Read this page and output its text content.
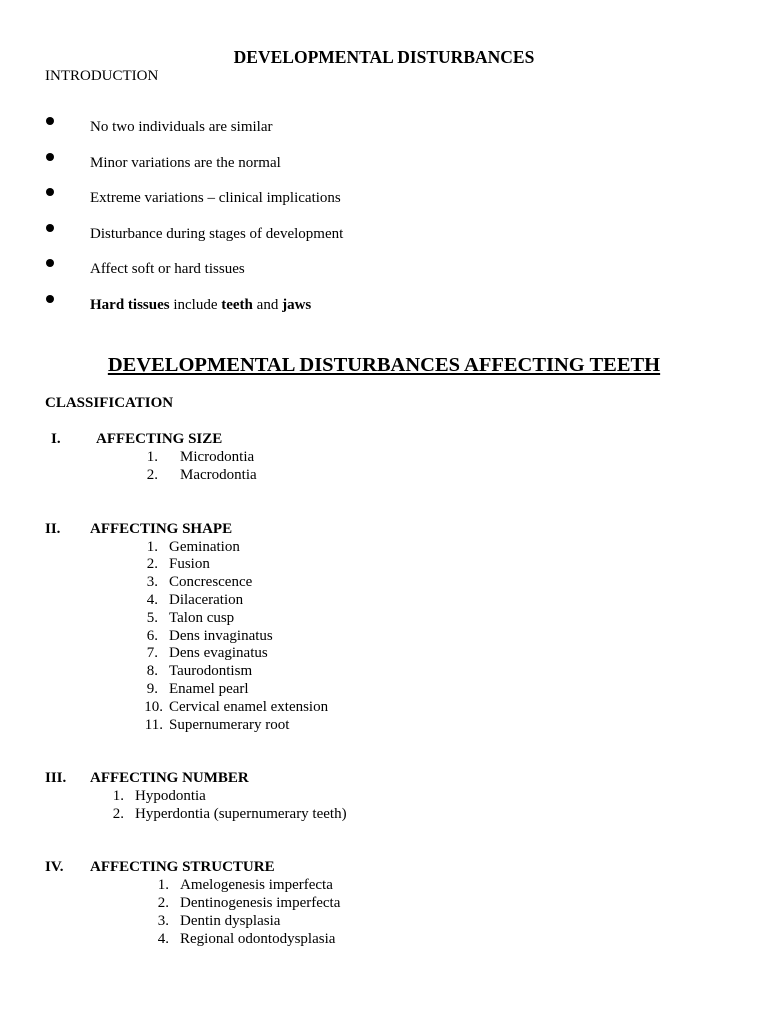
DEVELOPMENTAL DISTURBANCES
INTRODUCTION
No two individuals are similar
Minor variations are the normal
Extreme variations – clinical implications
Disturbance during stages of development
Affect soft or hard tissues
Hard tissues include teeth and jaws
DEVELOPMENTAL DISTURBANCES AFFECTING TEETH
CLASSIFICATION
I. AFFECTING SIZE
1. Microdontia
2. Macrodontia
II. AFFECTING SHAPE
1. Gemination
2. Fusion
3. Concrescence
4. Dilaceration
5. Talon cusp
6. Dens invaginatus
7. Dens evaginatus
8. Taurodontism
9. Enamel pearl
10. Cervical enamel extension
11. Supernumerary root
III. AFFECTING NUMBER
1. Hypodontia
2. Hyperdontia (supernumerary teeth)
IV. AFFECTING STRUCTURE
1. Amelogenesis imperfecta
2. Dentinogenesis imperfecta
3. Dentin dysplasia
4. Regional odontodysplasia
